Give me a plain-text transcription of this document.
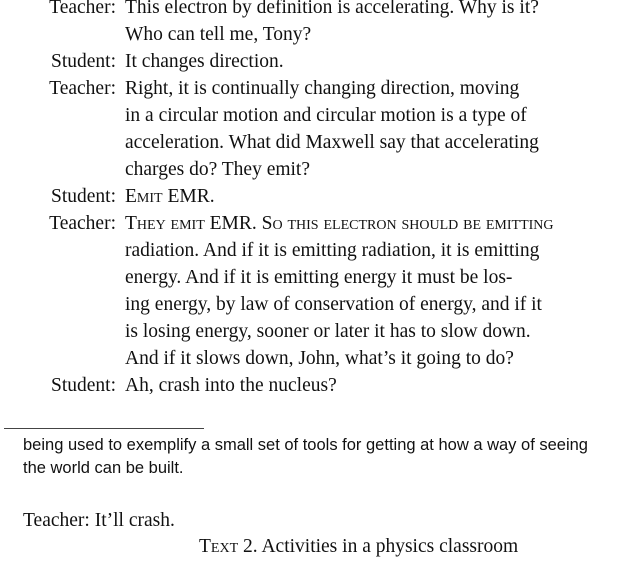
Teacher: This electron by definition is accelerating. Why is it?
Who can tell me, Tony?
Student: It changes direction.
Teacher: Right, it is continually changing direction, moving
in a circular motion and circular motion is a type of
acceleration. What did Maxwell say that accelerating
charges do? They emit?
Student: Emit EMR.
Teacher: They emit EMR. So this electron should be emitting
radiation. And if it is emitting radiation, it is emitting
energy. And if it is emitting energy it must be los-
ing energy, by law of conservation of energy, and if it
is losing energy, sooner or later it has to slow down.
And if it slows down, John, what’s it going to do?
Student: Ah, crash into the nucleus?
being used to exemplify a small set of tools for getting at how a way of seeing
the world can be built.
Teacher: It’ll crash.
Text 2. Activities in a physics classroom
